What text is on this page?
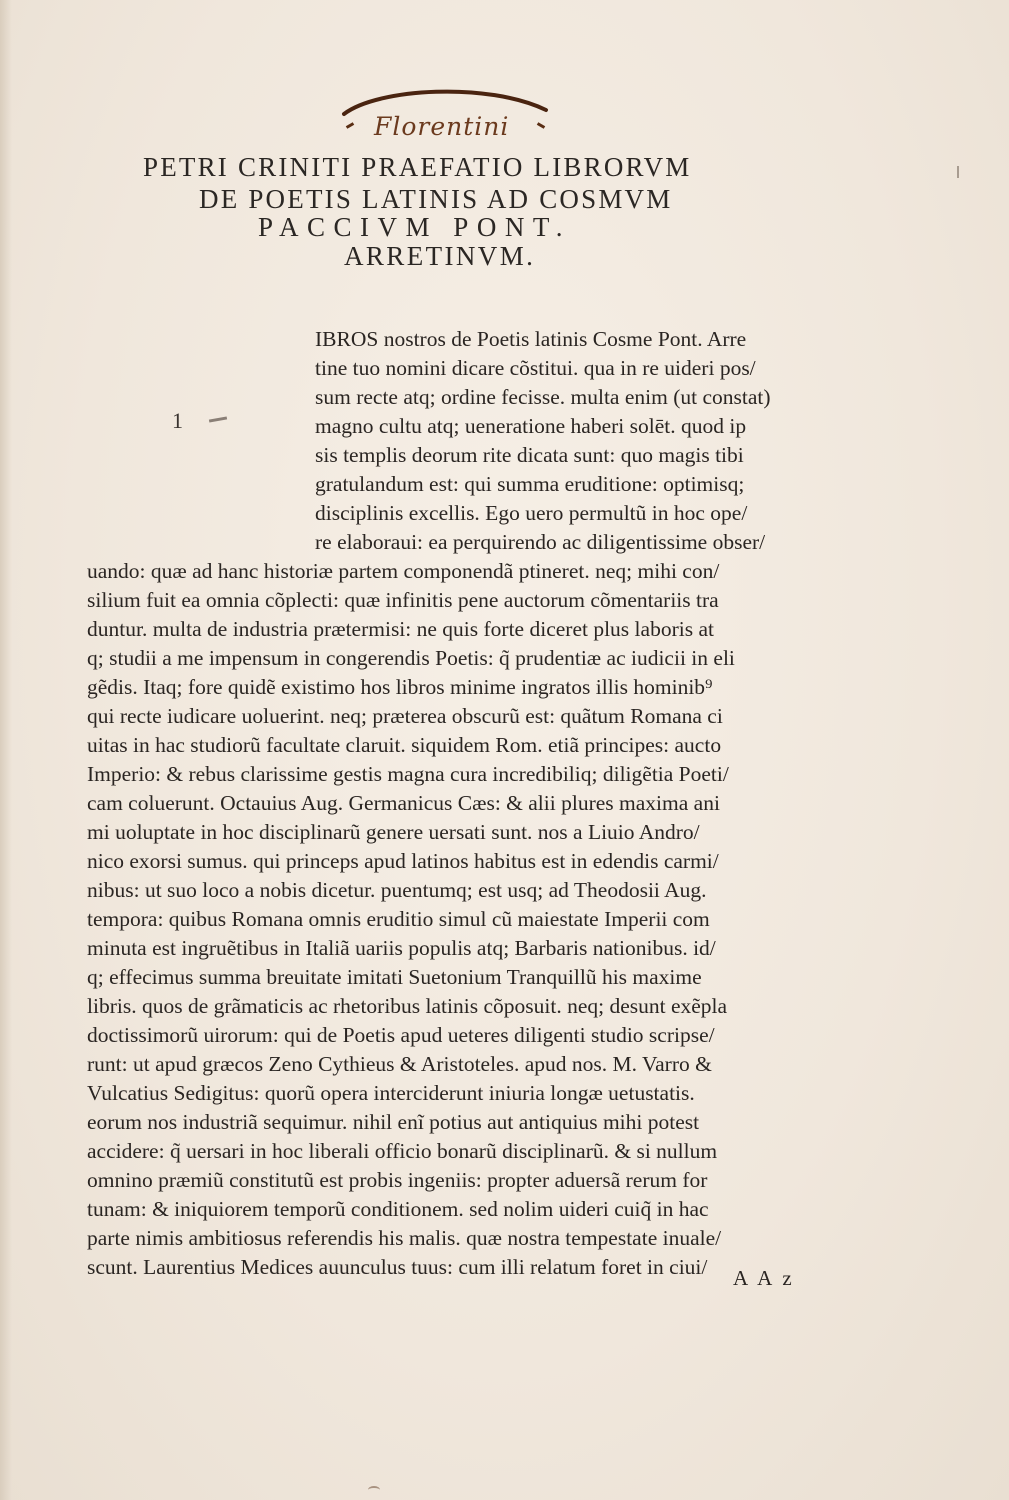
Florentini
PETRI CRINITI PRAEFATIO LIBRORVM
DE POETIS LATINIS AD COSMVM
PACCIVM PONT.
ARRETINVM.
1
IBROS nostros de Poetis latinis Cosme Pont. Arre
tine tuo nomini dicare cõstitui. qua in re uideri pos/
sum recte atq; ordine fecisse. multa enim (ut constat)
magno cultu atq; ueneratione haberi solēt. quod ip
sis templis deorum rite dicata sunt: quo magis tibi
gratulandum est: qui summa eruditione: optimisq;
disciplinis excellis. Ego uero permultũ in hoc ope/
re elaboraui: ea perquirendo ac diligentissime obser/
uando: quæ ad hanc historiæ partem componendã ptineret. neq; mihi con/
silium fuit ea omnia cõplecti: quæ infinitis pene auctorum cõmentariis tra
duntur. multa de industria prætermisi: ne quis forte diceret plus laboris at
q; studii a me impensum in congerendis Poetis: q̃ prudentiæ ac iudicii in eli
gẽdis. Itaq; fore quidẽ existimo hos libros minime ingratos illis hominib⁹
qui recte iudicare uoluerint. neq; præterea obscurũ est: quãtum Romana ci
uitas in hac studiorũ facultate claruit. siquidem Rom. etiã principes: aucto
Imperio: & rebus clarissime gestis magna cura incredibiliq; diligẽtia Poeti/
cam coluerunt. Octauius Aug. Germanicus Cæs: & alii plures maxima ani
mi uoluptate in hoc disciplinarũ genere uersati sunt. nos a Liuio Andro/
nico exorsi sumus. qui princeps apud latinos habitus est in edendis carmi/
nibus: ut suo loco a nobis dicetur. puentumq; est usq; ad Theodosii Aug.
tempora: quibus Romana omnis eruditio simul cũ maiestate Imperii com
minuta est ingruẽtibus in Italiã uariis populis atq; Barbaris nationibus. id/
q; effecimus summa breuitate imitati Suetonium Tranquillũ his maxime
libris. quos de grãmaticis ac rhetoribus latinis cõposuit. neq; desunt exẽpla
doctissimorũ uirorum: qui de Poetis apud ueteres diligenti studio scripse/
runt: ut apud græcos Zeno Cythieus & Aristoteles. apud nos. M. Varro &
Vulcatius Sedigitus: quorũ opera interciderunt iniuria longæ uetustatis.
eorum nos industriã sequimur. nihil enĩ potius aut antiquius mihi potest
accidere: q̃ uersari in hoc liberali officio bonarũ disciplinarũ. & si nullum
omnino præmiũ constitutũ est probis ingeniis: propter aduersã rerum for
tunam: & iniquiorem temporũ conditionem. sed nolim uideri cuiq̃ in hac
parte nimis ambitiosus referendis his malis. quæ nostra tempestate inuale/
scunt. Laurentius Medices auunculus tuus: cum illi relatum foret in ciui/ A A z
